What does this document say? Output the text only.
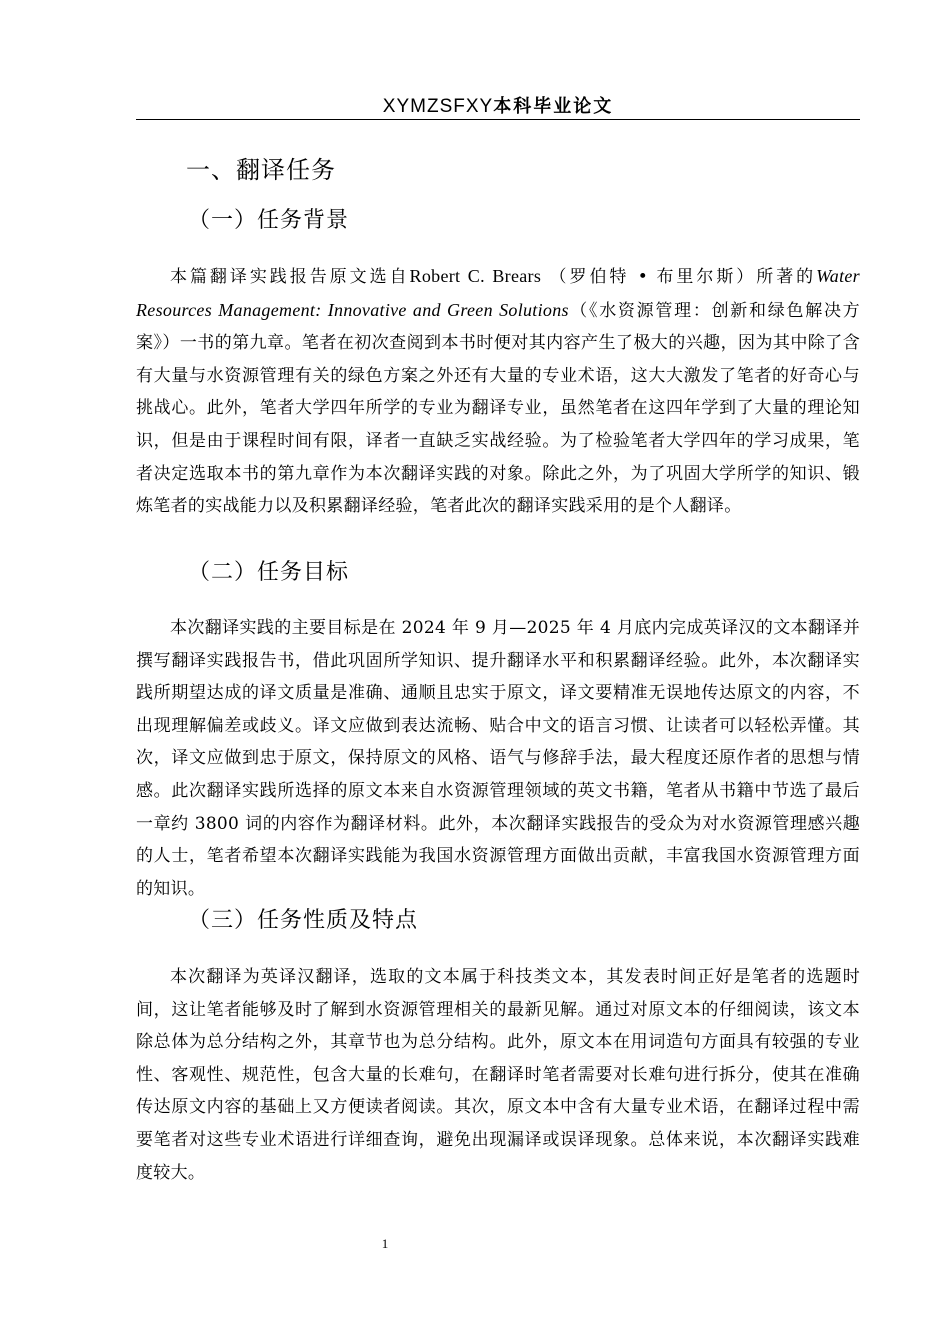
XYMZSFXY本科毕业论文
一、翻译任务
（一）任务背景

本篇翻译实践报告原文选自Robert C. Brears （罗伯特 • 布里尔斯）所著的Water Resources Management: Innovative and Green Solutions（《水资源管理：创新和绿色解决方案》）一书的第九章。笔者在初次查阅到本书时便对其内容产生了极大的兴趣，因为其中除了含有大量与水资源管理有关的绿色方案之外还有大量的专业术语，这大大激发了笔者的好奇心与挑战心。此外，笔者大学四年所学的专业为翻译专业，虽然笔者在这四年学到了大量的理论知识，但是由于课程时间有限，译者一直缺乏实战经验。为了检验笔者大学四年的学习成果，笔者决定选取本书的第九章作为本次翻译实践的对象。除此之外，为了巩固大学所学的知识、锻炼笔者的实战能力以及积累翻译经验，笔者此次的翻译实践采用的是个人翻译。

（二）任务目标

本次翻译实践的主要目标是在 2024 年 9 月—2025 年 4 月底内完成英译汉的文本翻译并撰写翻译实践报告书，借此巩固所学知识、提升翻译水平和积累翻译经验。此外，本次翻译实践所期望达成的译文质量是准确、通顺且忠实于原文，译文要精准无误地传达原文的内容，不出现理解偏差或歧义。译文应做到表达流畅、贴合中文的语言习惯、让读者可以轻松弄懂。其次，译文应做到忠于原文，保持原文的风格、语气与修辞手法，最大程度还原作者的思想与情感。此次翻译实践所选择的原文本来自水资源管理领域的英文书籍，笔者从书籍中节选了最后一章约 3800 词的内容作为翻译材料。此外，本次翻译实践报告的受众为对水资源管理感兴趣的人士，笔者希望本次翻译实践能为我国水资源管理方面做出贡献，丰富我国水资源管理方面的知识。

（三）任务性质及特点

本次翻译为英译汉翻译，选取的文本属于科技类文本，其发表时间正好是笔者的选题时间，这让笔者能够及时了解到水资源管理相关的最新见解。通过对原文本的仔细阅读，该文本除总体为总分结构之外，其章节也为总分结构。此外，原文本在用词造句方面具有较强的专业性、客观性、规范性，包含大量的长难句，在翻译时笔者需要对长难句进行拆分，使其在准确传达原文内容的基础上又方便读者阅读。其次，原文本中含有大量专业术语，在翻译过程中需要笔者对这些专业术语进行详细查询，避免出现漏译或误译现象。总体来说，本次翻译实践难度较大。

1
